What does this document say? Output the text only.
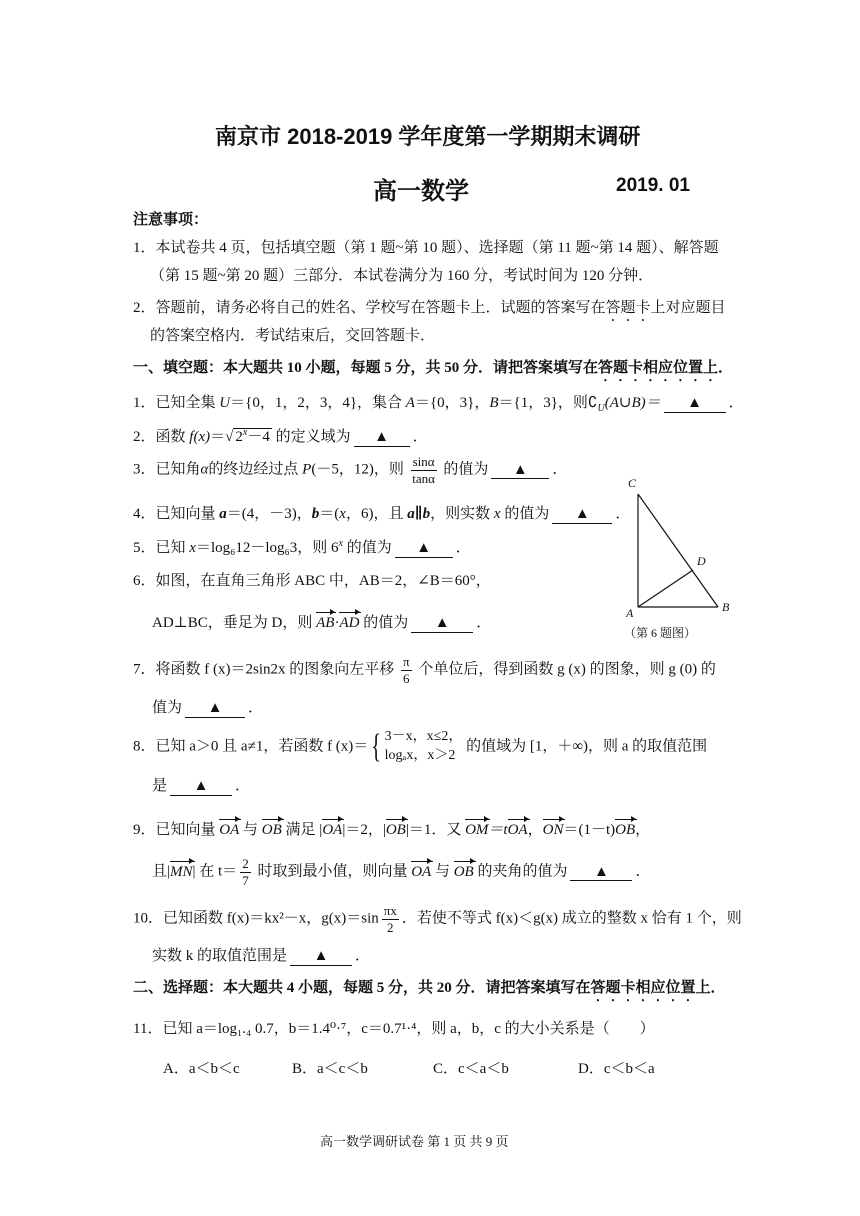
南京市 2018-2019 学年度第一学期期末调研
高一数学	2019. 01
注意事项：
1．本试卷共 4 页，包括填空题（第 1 题~第 10 题）、选择题（第 11 题~第 14 题）、解答题
（第 15 题~第 20 题）三部分．本试卷满分为 160 分，考试时间为 120 分钟．
2．答题前，请务必将自己的姓名、学校写在答题卡上．试题的答案写在答题卡上对应题目
的答案空格内．考试结束后，交回答题卡．
一、填空题：本大题共 10 小题，每题 5 分，共 50 分．请把答案填写在答题卡相应位置上．
1．已知全集 U＝{0，1，2，3，4}，集合 A＝{0，3}，B＝{1，3}，则$∁_U(A\cup B)=$ ▲ ．
2．函数 f(x)＝√ $2^x-4$ 的定义域为 ▲ ．
3．已知角α的终边经过点 P(－5，12)，则 $\frac{\sin\alpha}{\tan\alpha}$ 的值为 ▲ ．
4．已知向量 a＝(4，－3)，b＝(x，6)，且 a∥b，则实数 x 的值为 ▲ ．
5．已知 x＝log₆12－log₆3，则 6$^x$ 的值为 ▲ ．
6．如图，在直角三角形 ABC 中，AB＝2，∠B＝60°，
AD⊥BC，垂足为 D，则 AB·AD 的值为 ▲ ．
C
D
A	B
（第 6 题图）
7．将函数 f (x)＝2sin2x 的图象向左平移 $\frac{\pi}{6}$ 个单位后，得到函数 g (x) 的图象，则 g (0) 的
值为 ▲ ．
8．已知 a＞0 且 a≠1，若函数 f (x)＝{ 3－x，x≤2，
logₐx，x＞2
的值域为 [1，＋∞)，则 a 的取值范围
是 ▲ ．
9．已知向量 OA 与 OB 满足 |OA|＝2，|OB|＝1．又 OM＝tOA，ON＝(1－t)OB，
且|MN| 在 $t= \frac{2}{7}$ 时取到最小值，则向量 OA 与 OB 的夹角的值为 ▲ ．
10．已知函数 f(x)＝kx²－x，$g(x)=\sin \frac{\pi x}{2}$ ．若使不等式 f(x)＜g(x) 成立的整数 x 恰有 1 个，则
实数 k 的取值范围是 ▲ ．
二、选择题：本大题共 4 小题，每题 5 分，共 20 分．请把答案填写在答题卡相应位置上．
11．已知 a＝log₁.₄ 0.7，b＝1.4⁰·⁷，c＝0.7¹·⁴，则 a，b，c 的大小关系是（　　）
A．a＜b＜c	B．a＜c＜b	C．c＜a＜b	D．c＜b＜a
高一数学调研试卷 第 1 页 共 9 页
